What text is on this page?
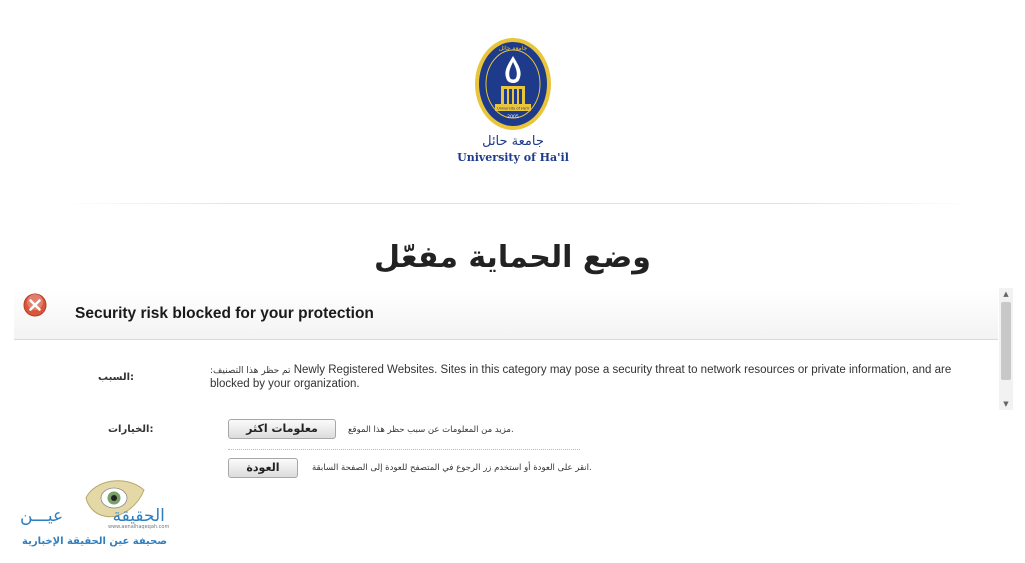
University of Ha'il
2005
جامعة حائل
جامعة حائل
University of Ha'il
وضع الحماية مفعّل
Security risk blocked for your protection
:السبب
:تم حظر هذا التصنيف Newly Registered Websites. Sites in this category may pose a security threat to network resources or private information, and are blocked by your organization.
:الخيارات	معلومات اكثر	.مزيد من المعلومات عن سبب حظر هذا الموقع
العودة	.انقر على العودة أو استخدم زر الرجوع في المتصفح للعودة إلى الصفحة السابقة
▲
▼
الحقيقة عيـــن
www.aenalhaqeqah.com
صحيفة عين الحقيقة الإخبارية
